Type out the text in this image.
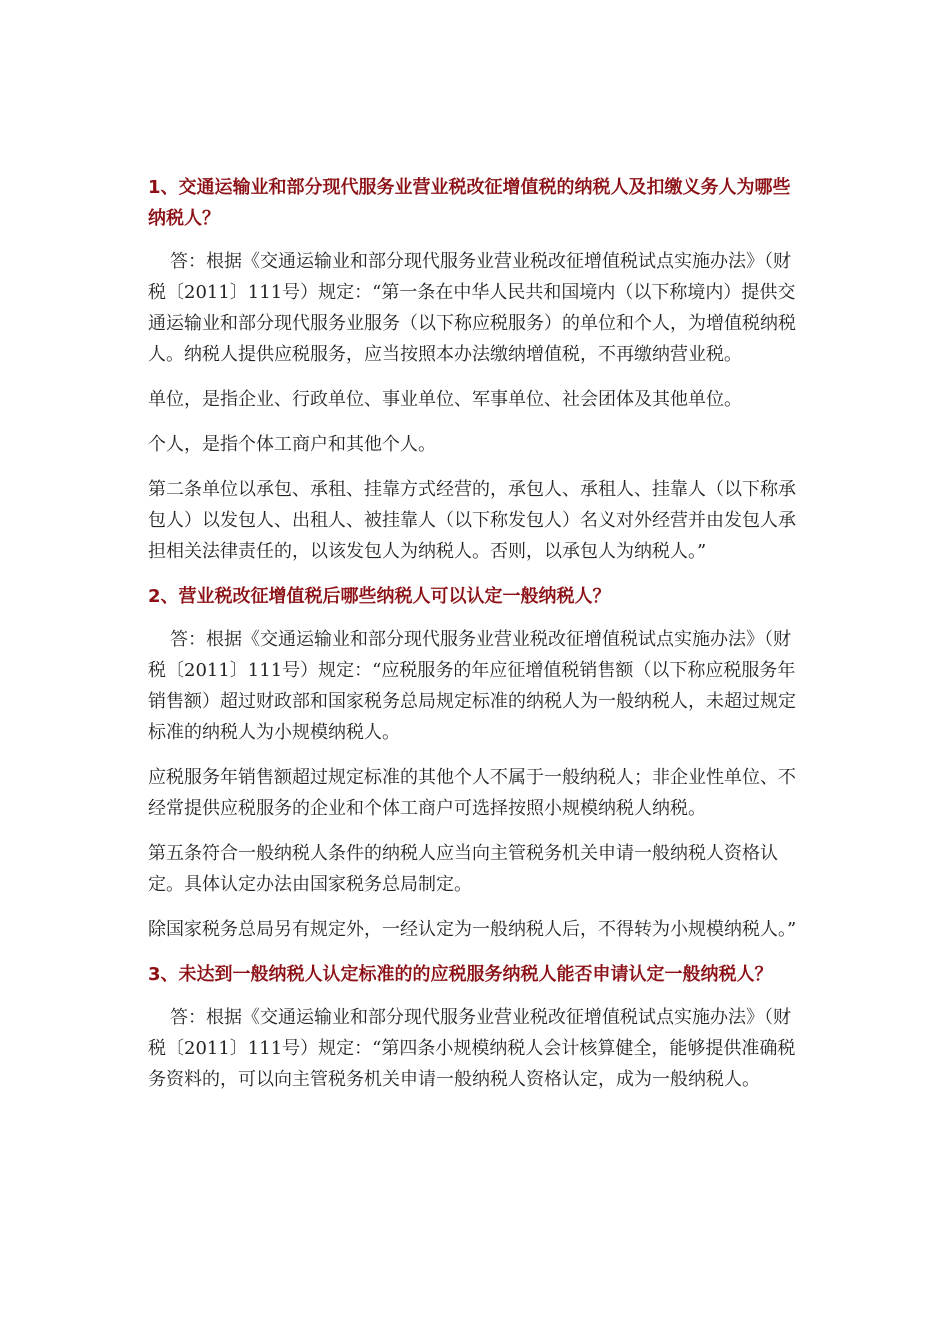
1、交通运输业和部分现代服务业营业税改征增值税的纳税人及扣缴义务人为哪些纳税人？
答：根据《交通运输业和部分现代服务业营业税改征增值税试点实施办法》（财税〔2011〕111号）规定：“第一条在中华人民共和国境内（以下称境内）提供交通运输业和部分现代服务业服务（以下称应税服务）的单位和个人，为增值税纳税人。纳税人提供应税服务，应当按照本办法缴纳增值税，不再缴纳营业税。
单位，是指企业、行政单位、事业单位、军事单位、社会团体及其他单位。
个人，是指个体工商户和其他个人。
第二条单位以承包、承租、挂靠方式经营的，承包人、承租人、挂靠人（以下称承包人）以发包人、出租人、被挂靠人（以下称发包人）名义对外经营并由发包人承担相关法律责任的，以该发包人为纳税人。否则，以承包人为纳税人。”
2、营业税改征增值税后哪些纳税人可以认定一般纳税人？
答：根据《交通运输业和部分现代服务业营业税改征增值税试点实施办法》（财税〔2011〕111号）规定：“应税服务的年应征增值税销售额（以下称应税服务年销售额）超过财政部和国家税务总局规定标准的纳税人为一般纳税人，未超过规定标准的纳税人为小规模纳税人。
应税服务年销售额超过规定标准的其他个人不属于一般纳税人；非企业性单位、不经常提供应税服务的企业和个体工商户可选择按照小规模纳税人纳税。
第五条符合一般纳税人条件的纳税人应当向主管税务机关申请一般纳税人资格认定。具体认定办法由国家税务总局制定。
除国家税务总局另有规定外，一经认定为一般纳税人后，不得转为小规模纳税人。”
3、未达到一般纳税人认定标准的的应税服务纳税人能否申请认定一般纳税人？
答：根据《交通运输业和部分现代服务业营业税改征增值税试点实施办法》（财税〔2011〕111号）规定：“第四条小规模纳税人会计核算健全，能够提供准确税务资料的，可以向主管税务机关申请一般纳税人资格认定，成为一般纳税人。
